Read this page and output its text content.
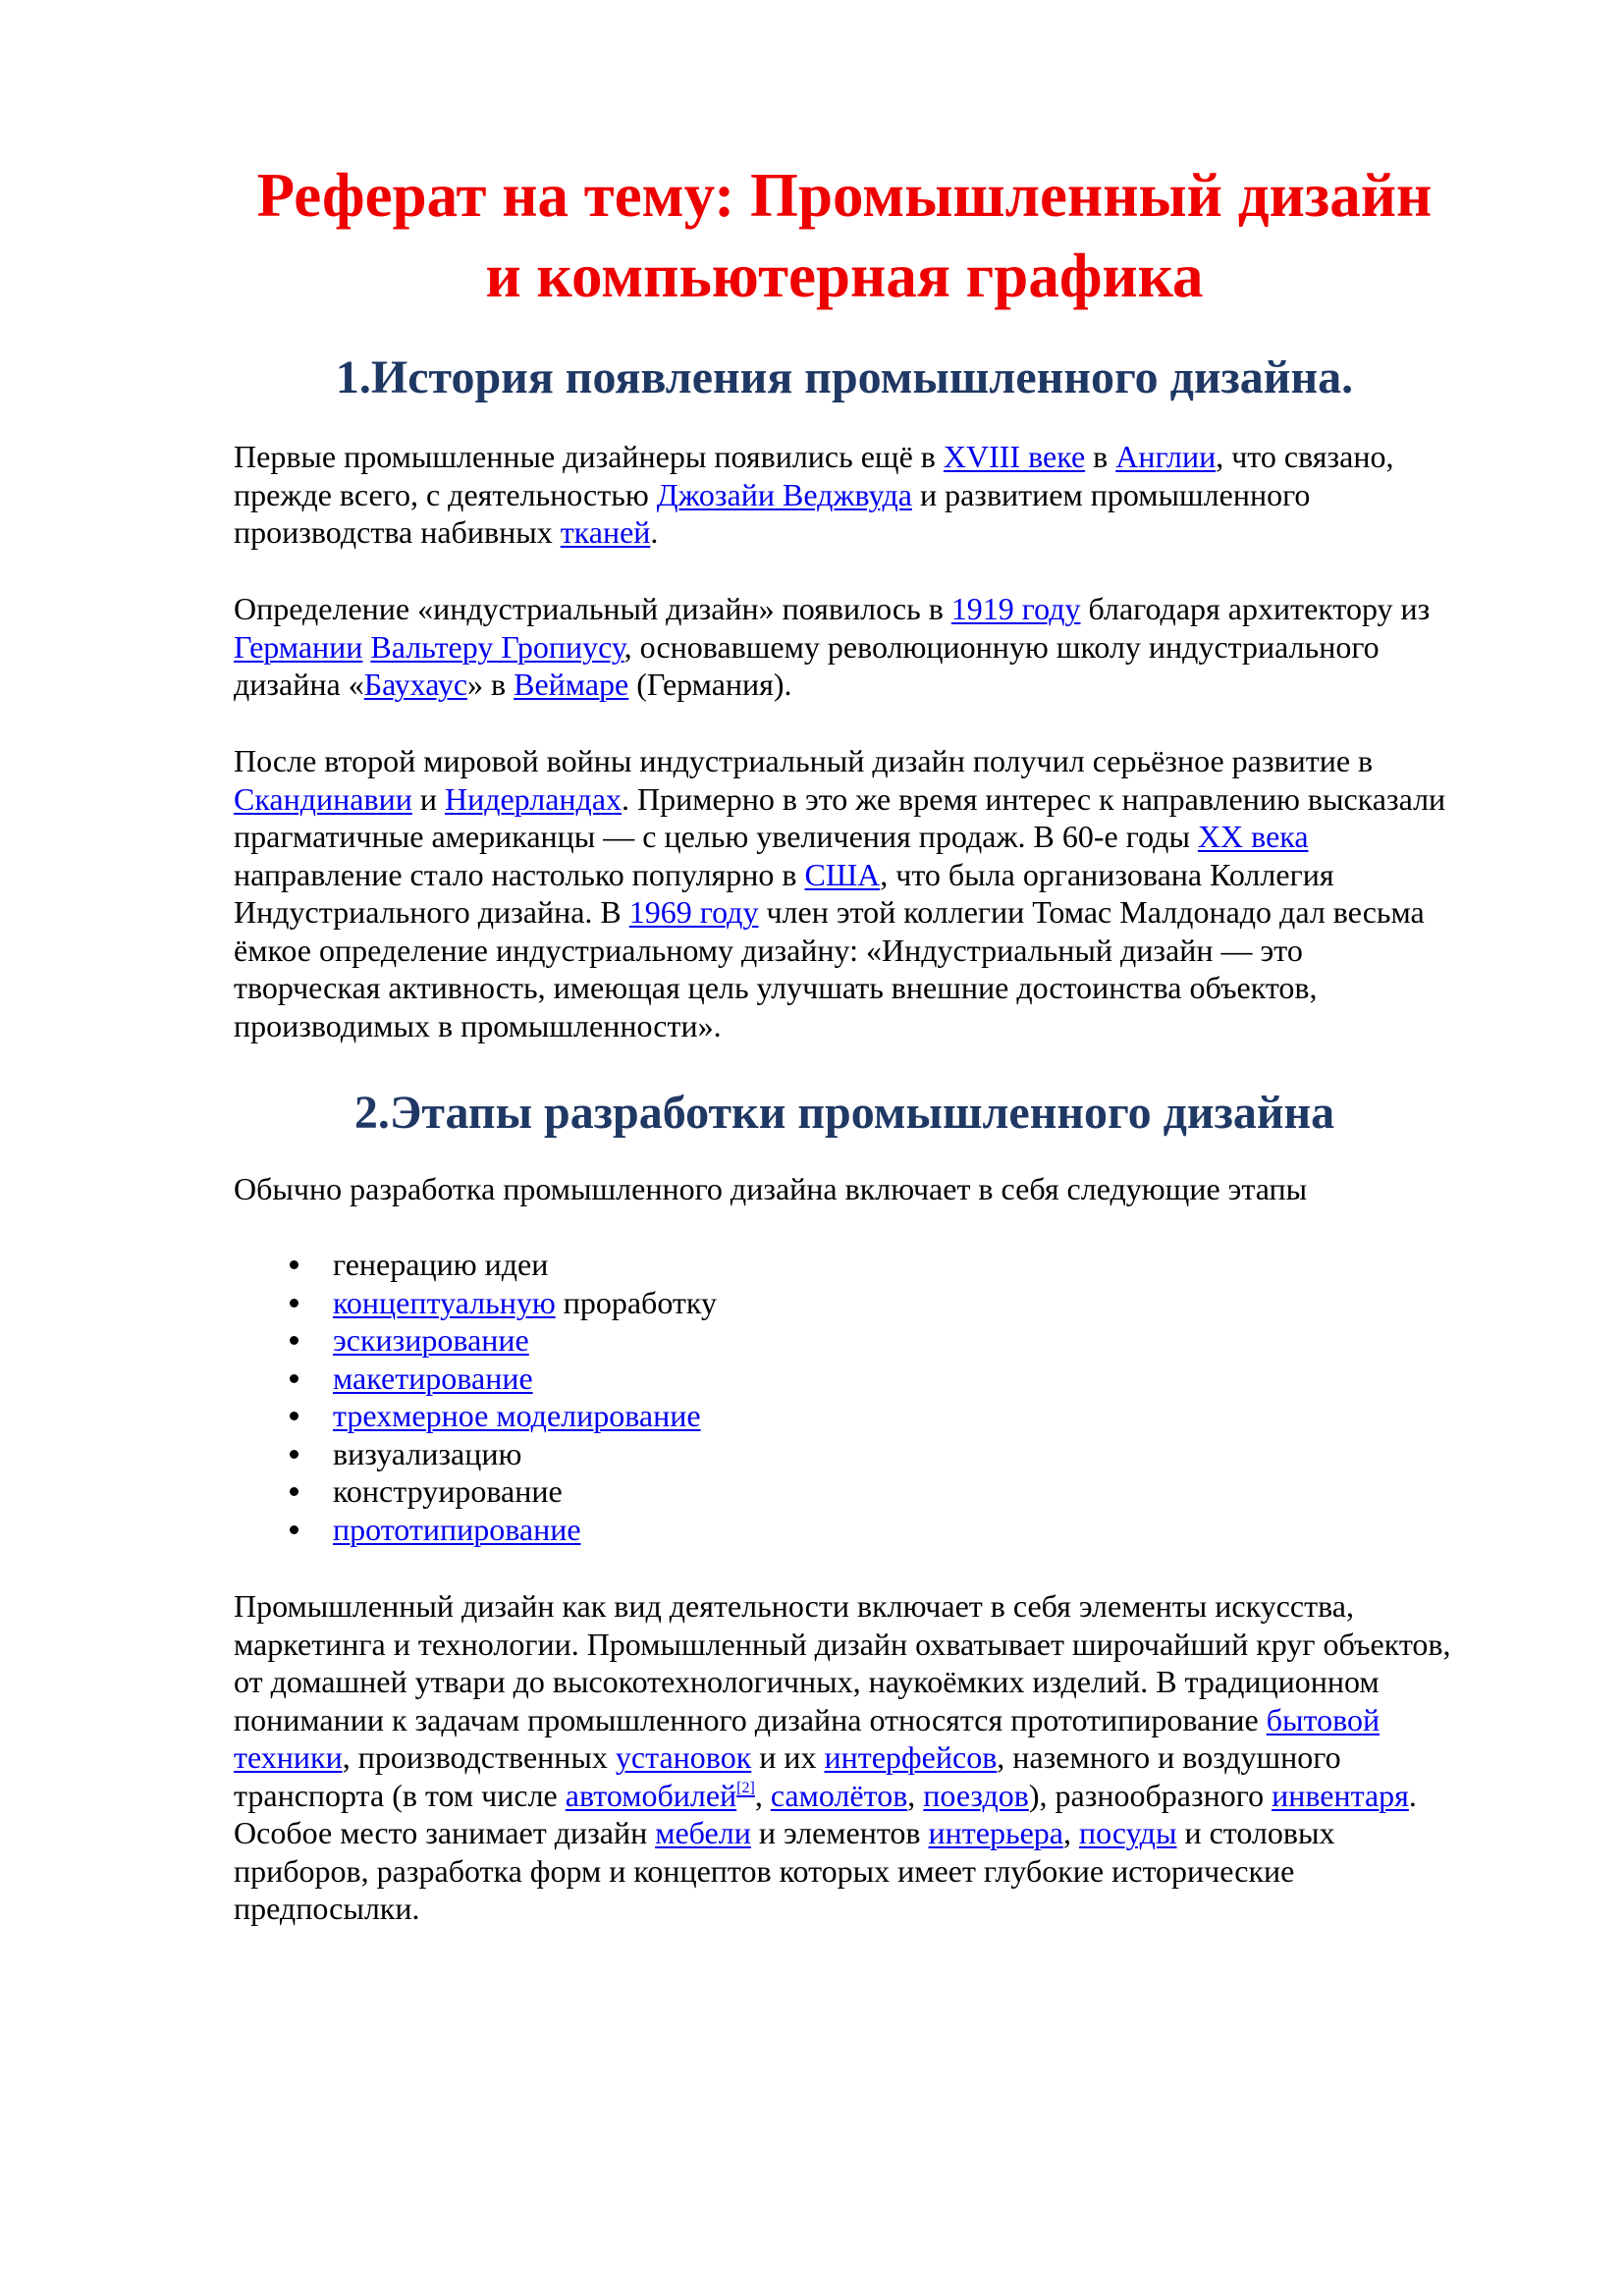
Реферат на тему: Промышленный дизайн
и компьютерная графика
1.История появления промышленного дизайна.
Первые промышленные дизайнеры появились ещё в XVIII веке в Англии, что связано,
прежде всего, с деятельностью Джозайи Веджвуда и развитием промышленного
производства набивных тканей.
Определение «индустриальный дизайн» появилось в 1919 году благодаря архитектору из
Германии Вальтеру Гропиусу, основавшему революционную школу индустриального
дизайна «Баухаус» в Веймаре (Германия).
После второй мировой войны индустриальный дизайн получил серьёзное развитие в
Скандинавии и Нидерландах. Примерно в это же время интерес к направлению высказали
прагматичные американцы — с целью увеличения продаж. В 60-е годы XX века
направление стало настолько популярно в США, что была организована Коллегия
Индустриального дизайна. В 1969 году член этой коллегии Томас Малдонадо дал весьма
ёмкое определение индустриальному дизайну: «Индустриальный дизайн — это
творческая активность, имеющая цель улучшать внешние достоинства объектов,
производимых в промышленности».
2.Этапы разработки промышленного дизайна
Обычно разработка промышленного дизайна включает в себя следующие этапы
генерацию идеи
концептуальную проработку
эскизирование
макетирование
трехмерное моделирование
визуализацию
конструирование
прототипирование
Промышленный дизайн как вид деятельности включает в себя элементы искусства,
маркетинга и технологии. Промышленный дизайн охватывает широчайший круг объектов,
от домашней утвари до высокотехнологичных, наукоёмких изделий. В традиционном
понимании к задачам промышленного дизайна относятся прототипирование бытовой
техники, производственных установок и их интерфейсов, наземного и воздушного
транспорта (в том числе автомобилей[2], самолётов, поездов), разнообразного инвентаря.
Особое место занимает дизайн мебели и элементов интерьера, посуды и столовых
приборов, разработка форм и концептов которых имеет глубокие исторические
предпосылки.
